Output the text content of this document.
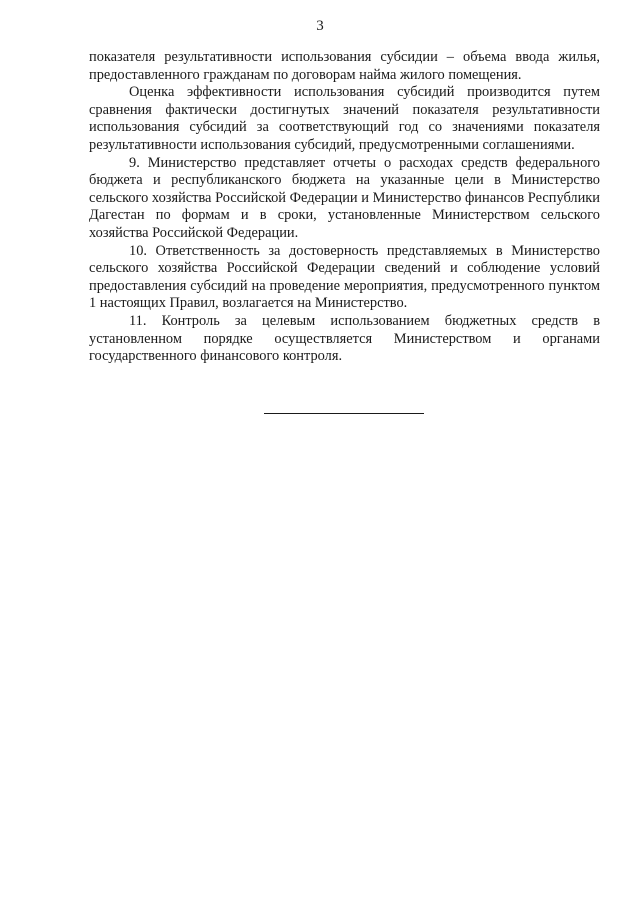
3

показателя результативности использования субсидии – объема ввода жилья, предоставленного гражданам по договорам найма жилого помещения.

Оценка эффективности использования субсидий производится путем сравнения фактически достигнутых значений показателя результативности использования субсидий за соответствующий год со значениями показателя результативности использования субсидий, предусмотренными соглашениями.

9. Министерство представляет отчеты о расходах средств федерального бюджета и республиканского бюджета на указанные цели в Министерство сельского хозяйства Российской Федерации и Министерство финансов Республики Дагестан по формам и в сроки, установленные Министерством сельского хозяйства Российской Федерации.

10. Ответственность за достоверность представляемых в Министерство сельского хозяйства Российской Федерации сведений и соблюдение условий предоставления субсидий на проведение мероприятия, предусмотренного пунктом 1 настоящих Правил, возлагается на Министерство.

11. Контроль за целевым использованием бюджетных средств в установленном порядке осуществляется Министерством и органами государственного финансового контроля.
